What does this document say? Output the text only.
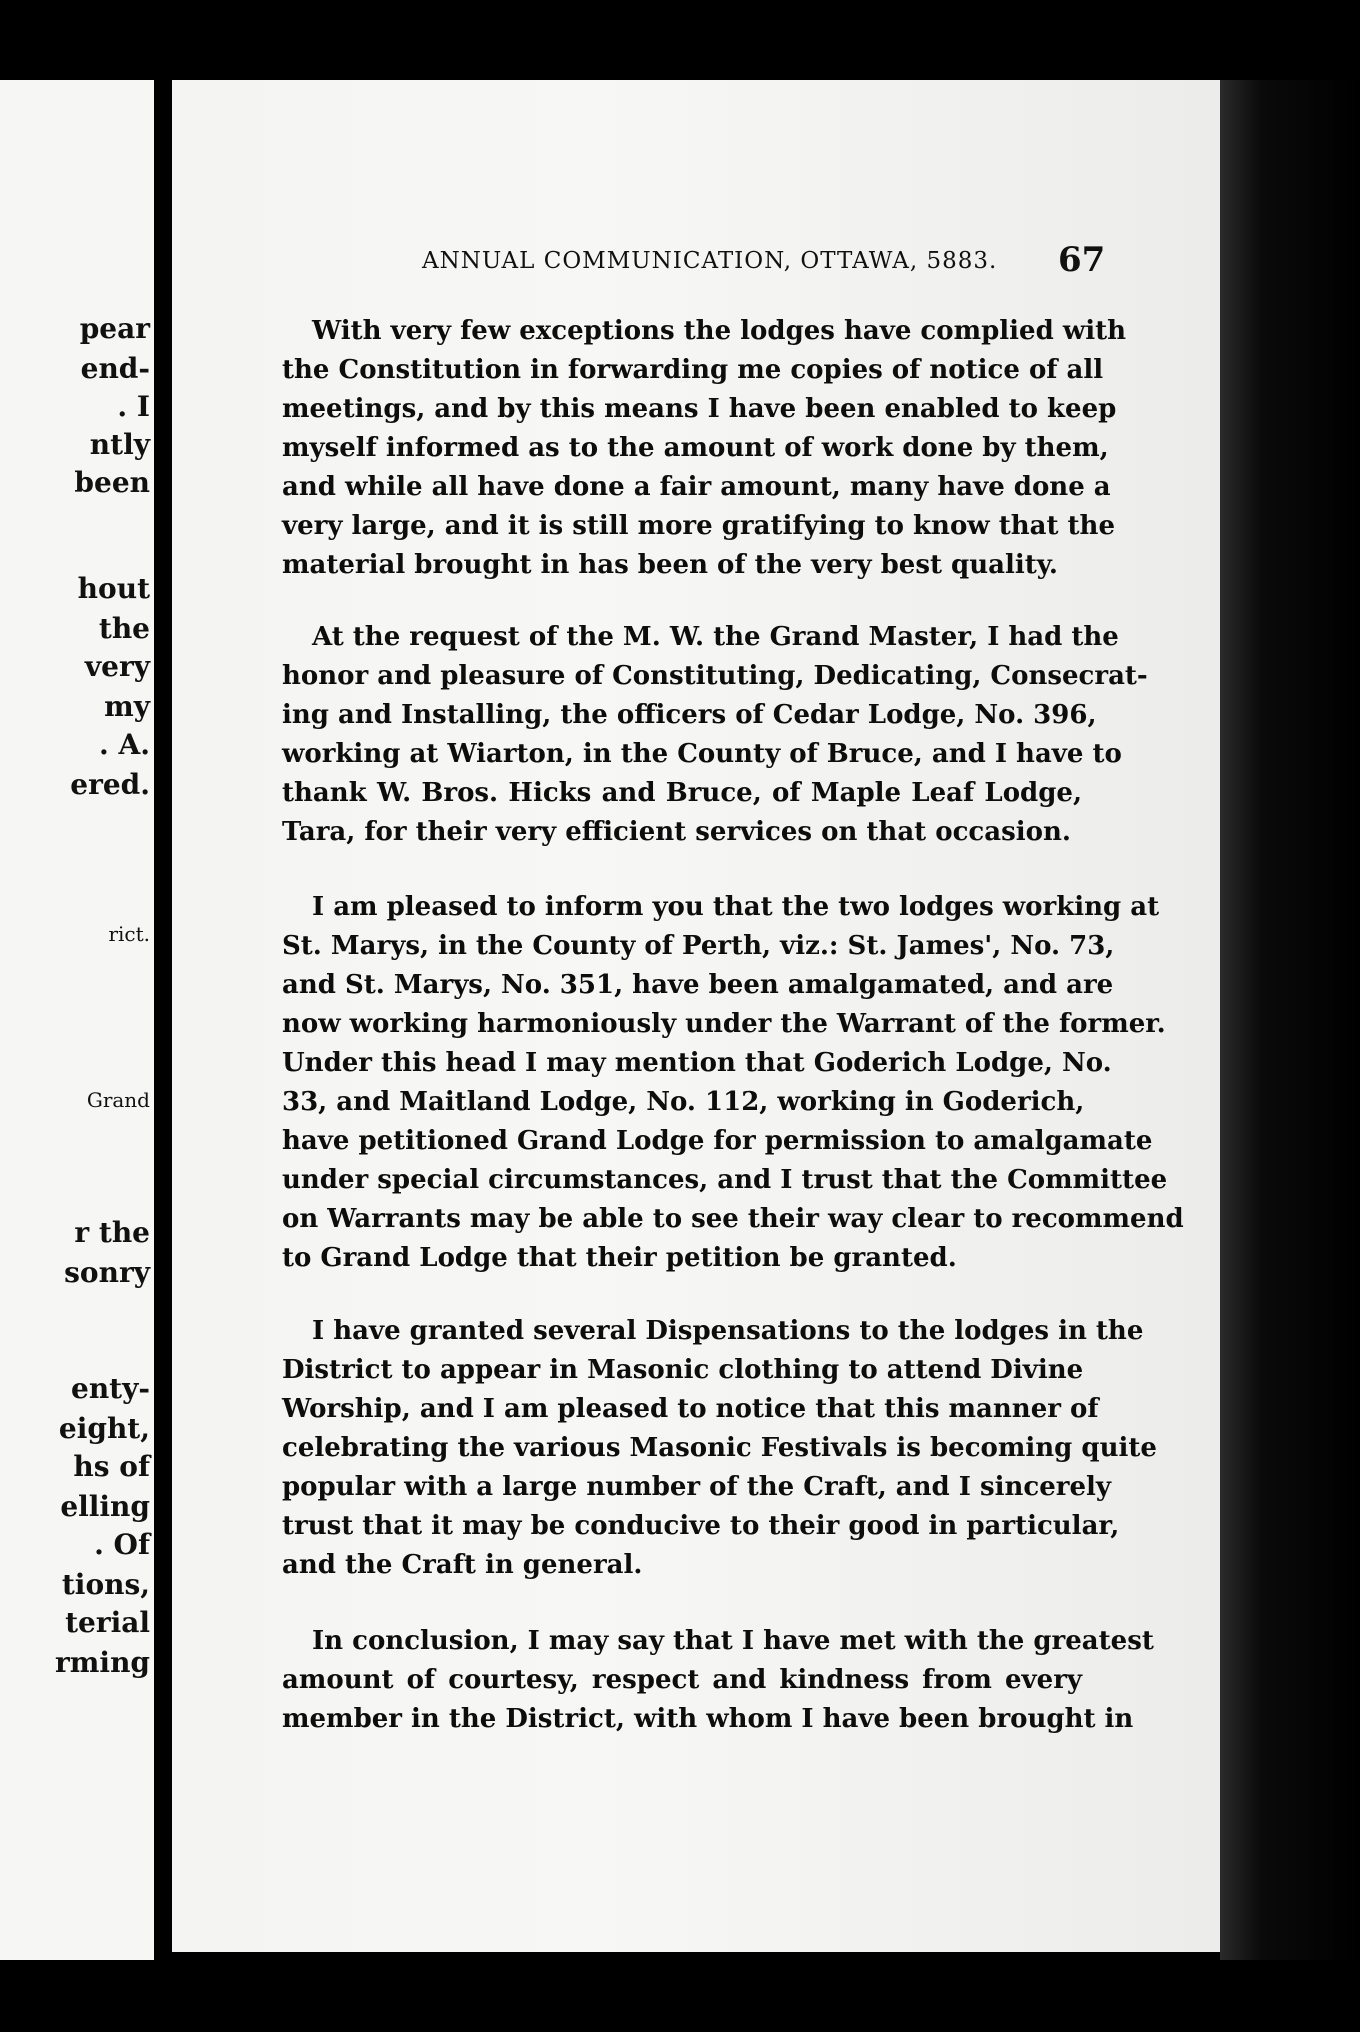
pear
end-
. I
ntly
been
hout
the
very
my
. A.
ered.
rict.
Grand
r the
sonry
enty-
eight,
hs of
elling
. Of
tions,
terial
rming
ANNUAL COMMUNICATION, OTTAWA, 5883. 67
With very few exceptions the lodges have complied with
the Constitution in forwarding me copies of notice of all
meetings, and by this means I have been enabled to keep
myself informed as to the amount of work done by them,
and while all have done a fair amount, many have done a
very large, and it is still more gratifying to know that the
material brought in has been of the very best quality.
At the request of the M. W. the Grand Master, I had the
honor and pleasure of Constituting, Dedicating, Consecrat-
ing and Installing, the officers of Cedar Lodge, No. 396,
working at Wiarton, in the County of Bruce, and I have to
thank W. Bros. Hicks and Bruce, of Maple Leaf Lodge,
Tara, for their very efficient services on that occasion.
I am pleased to inform you that the two lodges working at
St. Marys, in the County of Perth, viz.: St. James', No. 73,
and St. Marys, No. 351, have been amalgamated, and are
now working harmoniously under the Warrant of the former.
Under this head I may mention that Goderich Lodge, No.
33, and Maitland Lodge, No. 112, working in Goderich,
have petitioned Grand Lodge for permission to amalgamate
under special circumstances, and I trust that the Committee
on Warrants may be able to see their way clear to recommend
to Grand Lodge that their petition be granted.
I have granted several Dispensations to the lodges in the
District to appear in Masonic clothing to attend Divine
Worship, and I am pleased to notice that this manner of
celebrating the various Masonic Festivals is becoming quite
popular with a large number of the Craft, and I sincerely
trust that it may be conducive to their good in particular,
and the Craft in general.
In conclusion, I may say that I have met with the greatest
amount of courtesy, respect and kindness from every
member in the District, with whom I have been brought in
